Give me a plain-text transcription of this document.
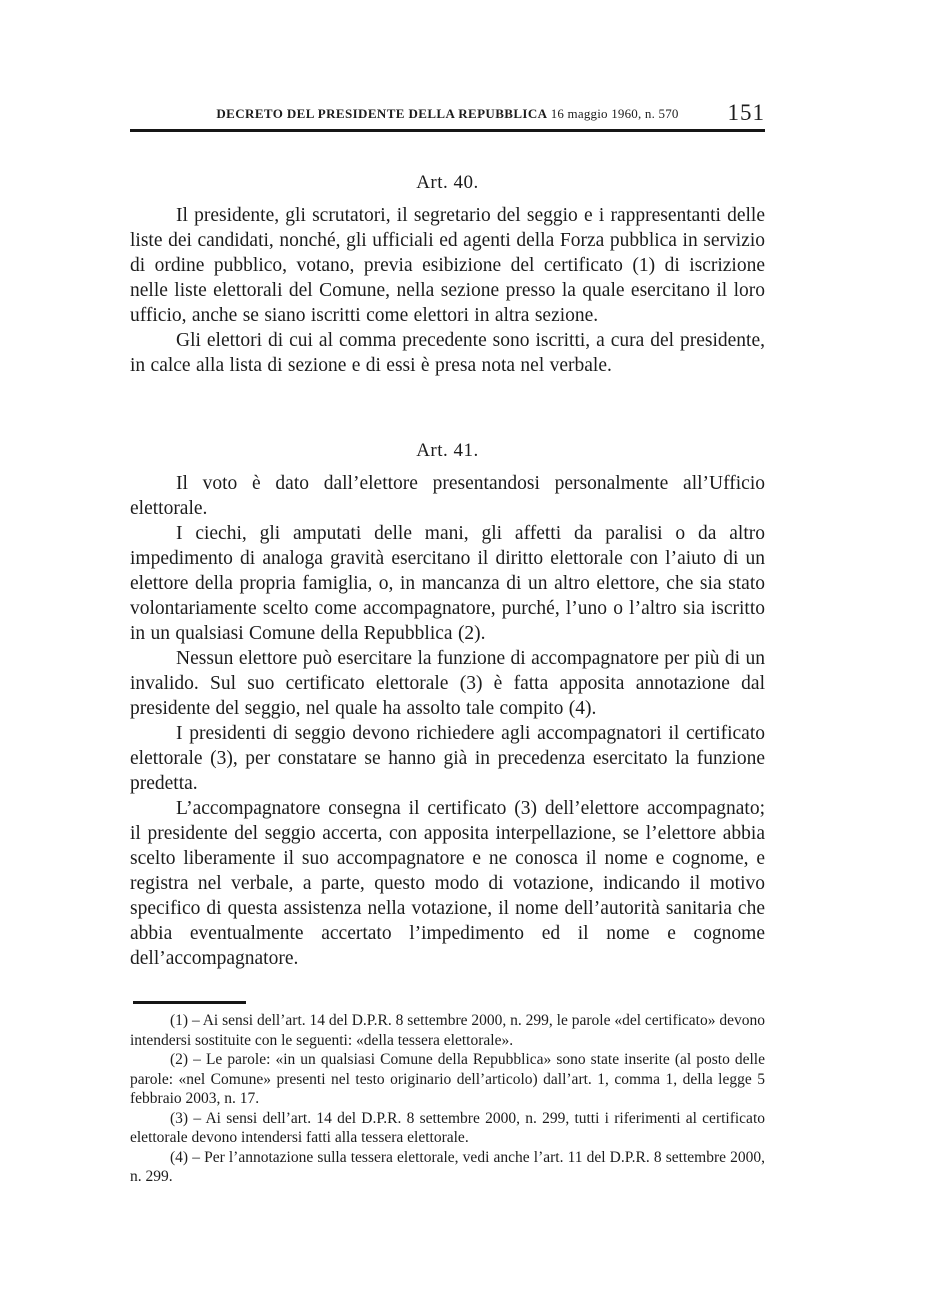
DECRETO DEL PRESIDENTE DELLA REPUBBLICA 16 maggio 1960, n. 570	151
Art. 40.

Il presidente, gli scrutatori, il segretario del seggio e i rappresentanti delle liste dei candidati, nonché, gli ufficiali ed agenti della Forza pubblica in servizio di ordine pubblico, votano, previa esibizione del certificato (1) di iscrizione nelle liste elettorali del Comune, nella sezione presso la quale esercitano il loro ufficio, anche se siano iscritti come elettori in altra sezione.

Gli elettori di cui al comma precedente sono iscritti, a cura del presidente, in calce alla lista di sezione e di essi è presa nota nel verbale.

Art. 41.

Il voto è dato dall’elettore presentandosi personalmente all’Ufficio elettorale.

I ciechi, gli amputati delle mani, gli affetti da paralisi o da altro impedimento di analoga gravità esercitano il diritto elettorale con l’aiuto di un elettore della propria famiglia, o, in mancanza di un altro elettore, che sia stato volontariamente scelto come accompagnatore, purché, l’uno o l’altro sia iscritto in un qualsiasi Comune della Repubblica (2).

Nessun elettore può esercitare la funzione di accompagnatore per più di un invalido. Sul suo certificato elettorale (3) è fatta apposita annotazione dal presidente del seggio, nel quale ha assolto tale compito (4).

I presidenti di seggio devono richiedere agli accompagnatori il certificato elettorale (3), per constatare se hanno già in precedenza esercitato la funzione predetta.

L’accompagnatore consegna il certificato (3) dell’elettore accompagnato; il presidente del seggio accerta, con apposita interpellazione, se l’elettore abbia scelto liberamente il suo accompagnatore e ne conosca il nome e cognome, e registra nel verbale, a parte, questo modo di votazione, indicando il motivo specifico di questa assistenza nella votazione, il nome dell’autorità sanitaria che abbia eventualmente accertato l’impedimento ed il nome e cognome dell’accompagnatore.

(1) – Ai sensi dell’art. 14 del D.P.R. 8 settembre 2000, n. 299, le parole «del certificato» devono intendersi sostituite con le seguenti: «della tessera elettorale».

(2) – Le parole: «in un qualsiasi Comune della Repubblica» sono state inserite (al posto delle parole: «nel Comune» presenti nel testo originario dell’articolo) dall’art. 1, comma 1, della legge 5 febbraio 2003, n. 17.

(3) – Ai sensi dell’art. 14 del D.P.R. 8 settembre 2000, n. 299, tutti i riferimenti al certificato elettorale devono intendersi fatti alla tessera elettorale.

(4) – Per l’annotazione sulla tessera elettorale, vedi anche l’art. 11 del D.P.R. 8 settembre 2000, n. 299.
